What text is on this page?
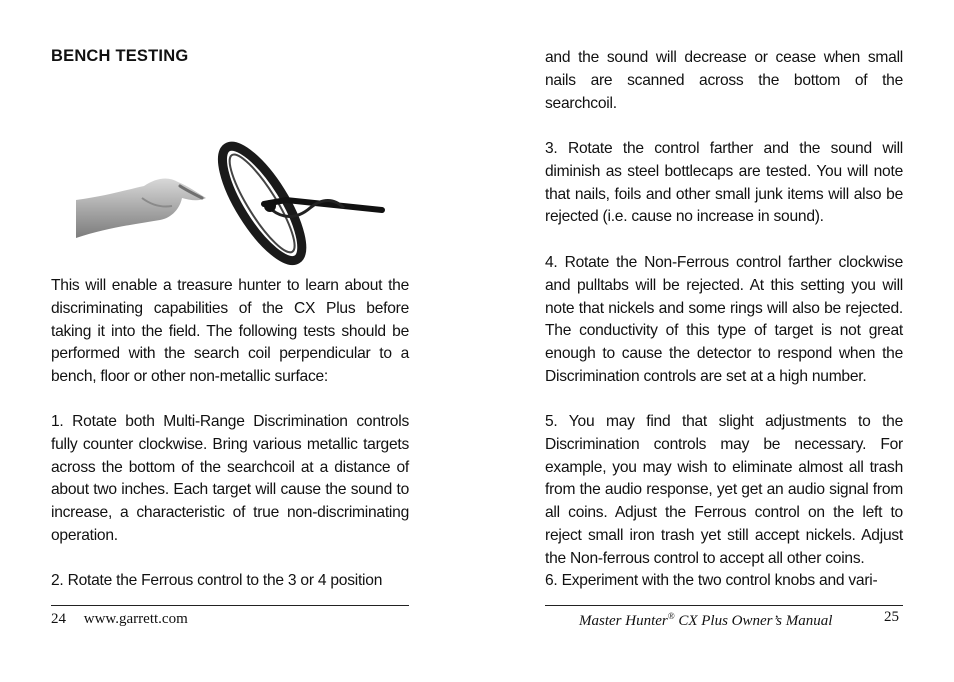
BENCH TESTING

This will enable a treasure hunter to learn about the discriminating capabilities of the CX Plus before taking it into the field. The following tests should be performed with the search coil perpendicular to a bench, floor or other non-metallic surface:

1. Rotate both Multi-Range Discrimination controls fully counter clockwise. Bring various metallic targets across the bottom of the searchcoil at a distance of about two inches. Each target will cause the sound to increase, a characteristic of true non-discriminating operation.

2. Rotate the Ferrous control to the 3 or 4 position

and the sound will decrease or cease when small nails are scanned across the bottom of the searchcoil.

3. Rotate the control farther and the sound will diminish as steel bottlecaps are tested. You will note that nails, foils and other small junk items will also be rejected (i.e. cause no increase in sound).

4. Rotate the Non-Ferrous control farther clockwise and pulltabs will be rejected. At this setting you will note that nickels and some rings will also be rejected. The conductivity of this type of target is not great enough to cause the detector to respond when the Discrimination controls are set at a high number.

5. You may find that slight adjustments to the Discrimination controls may be necessary. For example, you may wish to eliminate almost all trash from the audio response, yet get an audio signal from all coins. Adjust the Ferrous control on the left to reject small iron trash yet still accept nickels. Adjust the Non-ferrous control to accept all other coins.

6. Experiment with the two control knobs and vari-

24 www.garrett.com	Master Hunter® CX Plus Owner’s Manual	25
